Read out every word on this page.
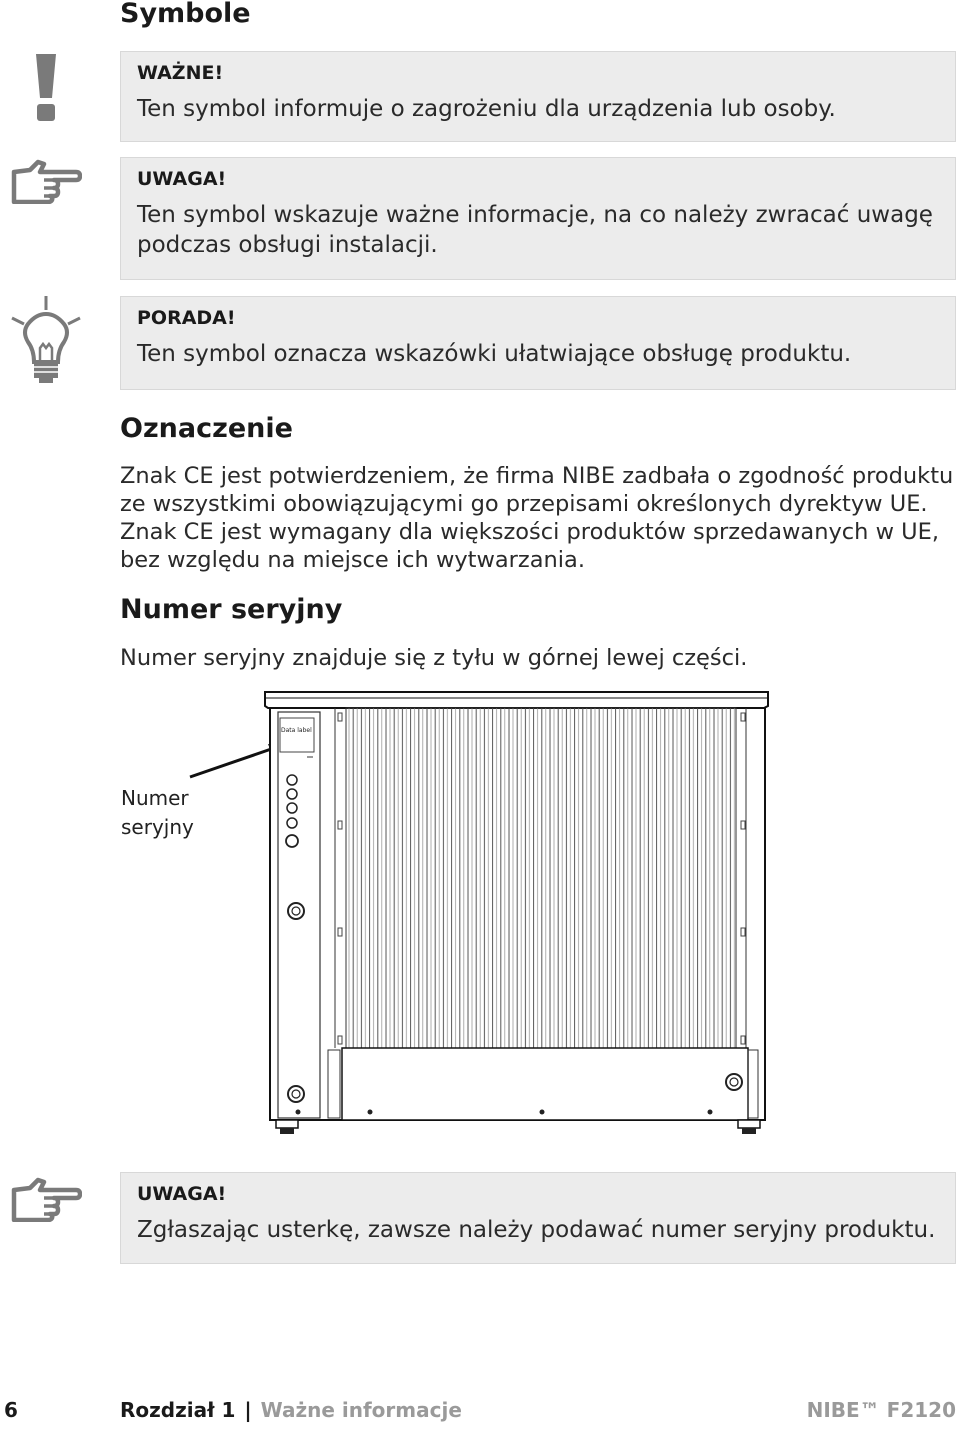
Symbole
WAŻNE!
Ten symbol informuje o zagrożeniu dla urządzenia lub osoby.
UWAGA!
Ten symbol wskazuje ważne informacje, na co należy zwracać uwagę podczas obsługi instalacji.
PORADA!
Ten symbol oznacza wskazówki ułatwiające obsługę produktu.
Oznaczenie
Znak CE jest potwierdzeniem, że firma NIBE zadbała o zgodność produktu ze wszystkimi obowiązującymi go przepisami określonych dyrektyw UE. Znak CE jest wymagany dla większości produktów sprzedawanych w UE, bez względu na miejsce ich wytwarzania.
Numer seryjny
Numer seryjny znajduje się z tyłu w górnej lewej części.
Numer seryjny
Data label
UWAGA!
Zgłaszając usterkę, zawsze należy podawać numer seryjny produktu.
6	Rozdział 1 | Ważne informacje	NIBE™ F2120
